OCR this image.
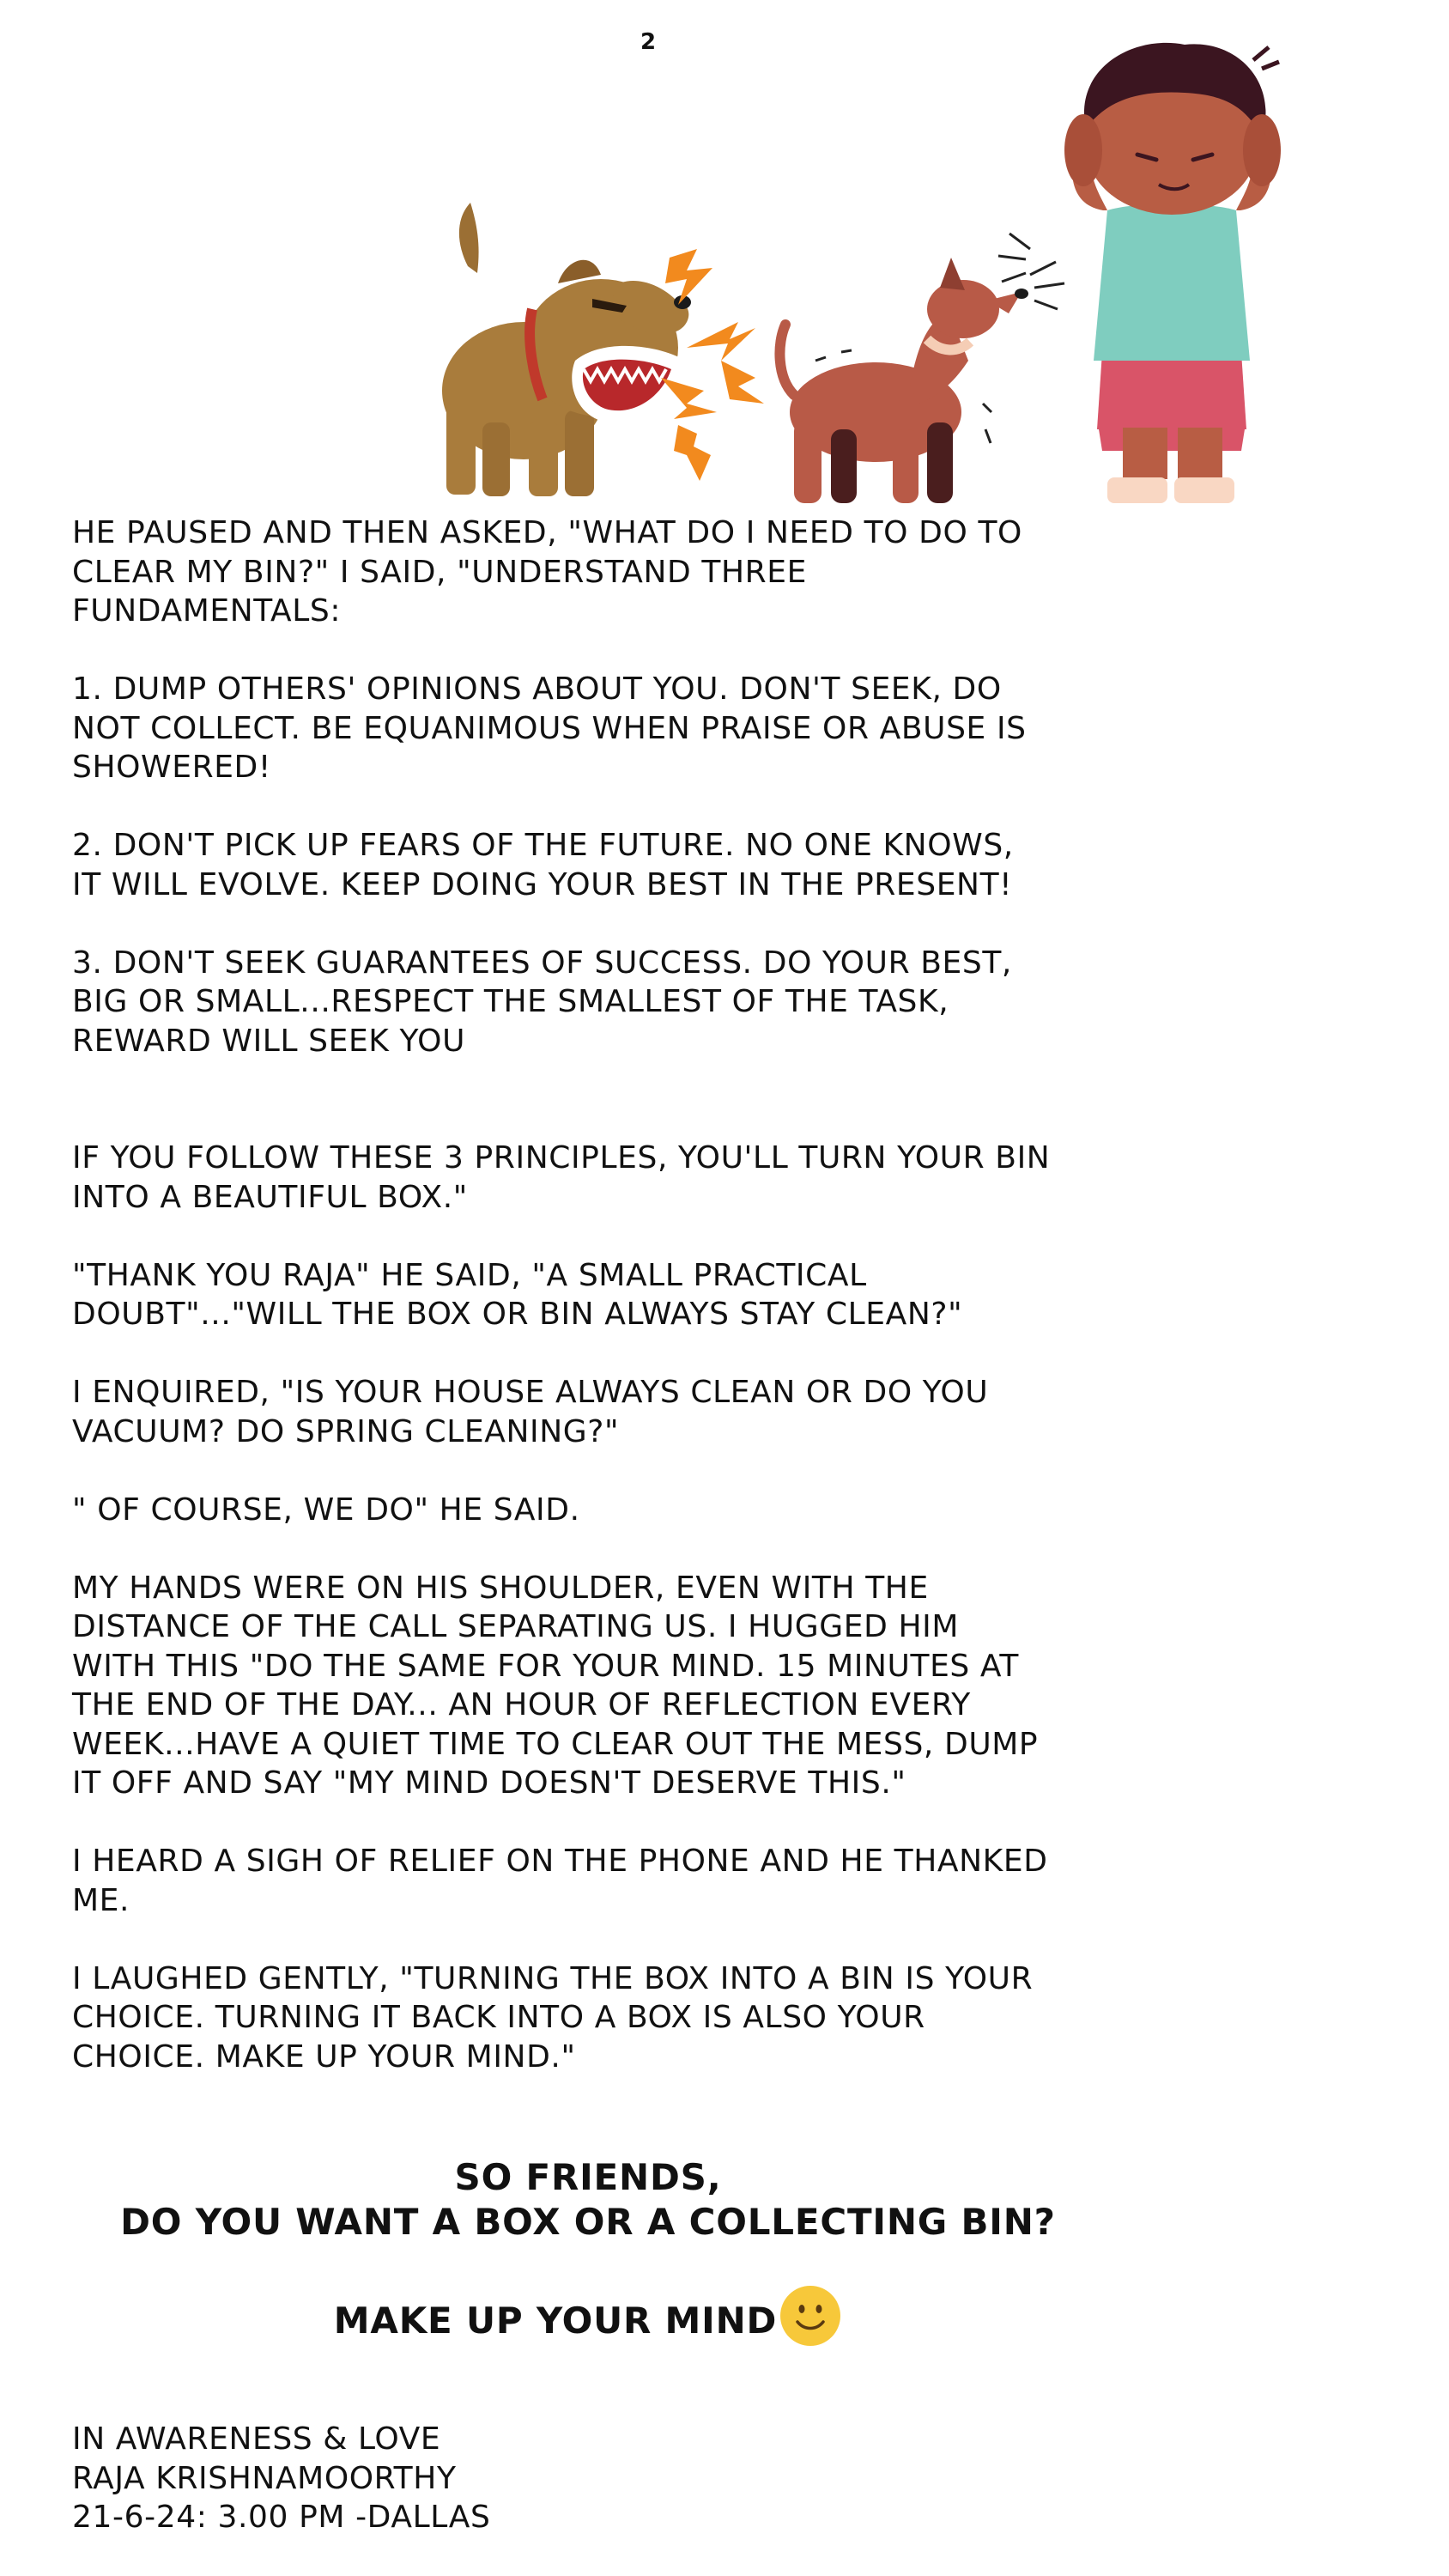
2

HE PAUSED AND THEN ASKED, "WHAT DO I NEED TO DO TO
CLEAR MY BIN?" I SAID, "UNDERSTAND THREE
FUNDAMENTALS:

1. DUMP OTHERS' OPINIONS ABOUT YOU. DON'T SEEK, DO
NOT COLLECT. BE EQUANIMOUS WHEN PRAISE OR ABUSE IS
SHOWERED!

2. DON'T PICK UP FEARS OF THE FUTURE. NO ONE KNOWS,
IT WILL EVOLVE. KEEP DOING YOUR BEST IN THE PRESENT!

3. DON'T SEEK GUARANTEES OF SUCCESS. DO YOUR BEST,
BIG OR SMALL...RESPECT THE SMALLEST OF THE TASK,
REWARD WILL SEEK YOU

IF YOU FOLLOW THESE 3 PRINCIPLES, YOU'LL TURN YOUR BIN
INTO A BEAUTIFUL BOX."

"THANK YOU RAJA" HE SAID, "A SMALL PRACTICAL
DOUBT"..."WILL THE BOX OR BIN ALWAYS STAY CLEAN?"

I ENQUIRED, "IS YOUR HOUSE ALWAYS CLEAN OR DO YOU
VACUUM? DO SPRING CLEANING?"

" OF COURSE, WE DO" HE SAID.

MY HANDS WERE ON HIS SHOULDER, EVEN WITH THE
DISTANCE OF THE CALL SEPARATING US. I HUGGED HIM
WITH THIS "DO THE SAME FOR YOUR MIND. 15 MINUTES AT
THE END OF THE DAY... AN HOUR OF REFLECTION EVERY
WEEK...HAVE A QUIET TIME TO CLEAR OUT THE MESS, DUMP
IT OFF AND SAY "MY MIND DOESN'T DESERVE THIS."

I HEARD A SIGH OF RELIEF ON THE PHONE AND HE THANKED
ME.

I LAUGHED GENTLY, "TURNING THE BOX INTO A BIN IS YOUR
CHOICE. TURNING IT BACK INTO A BOX IS ALSO YOUR
CHOICE. MAKE UP YOUR MIND."

SO FRIENDS,
DO YOU WANT A BOX OR A COLLECTING BIN?
MAKE UP YOUR MIND
IN AWARENESS & LOVE
RAJA KRISHNAMOORTHY
21-6-24: 3.00 PM -DALLAS
